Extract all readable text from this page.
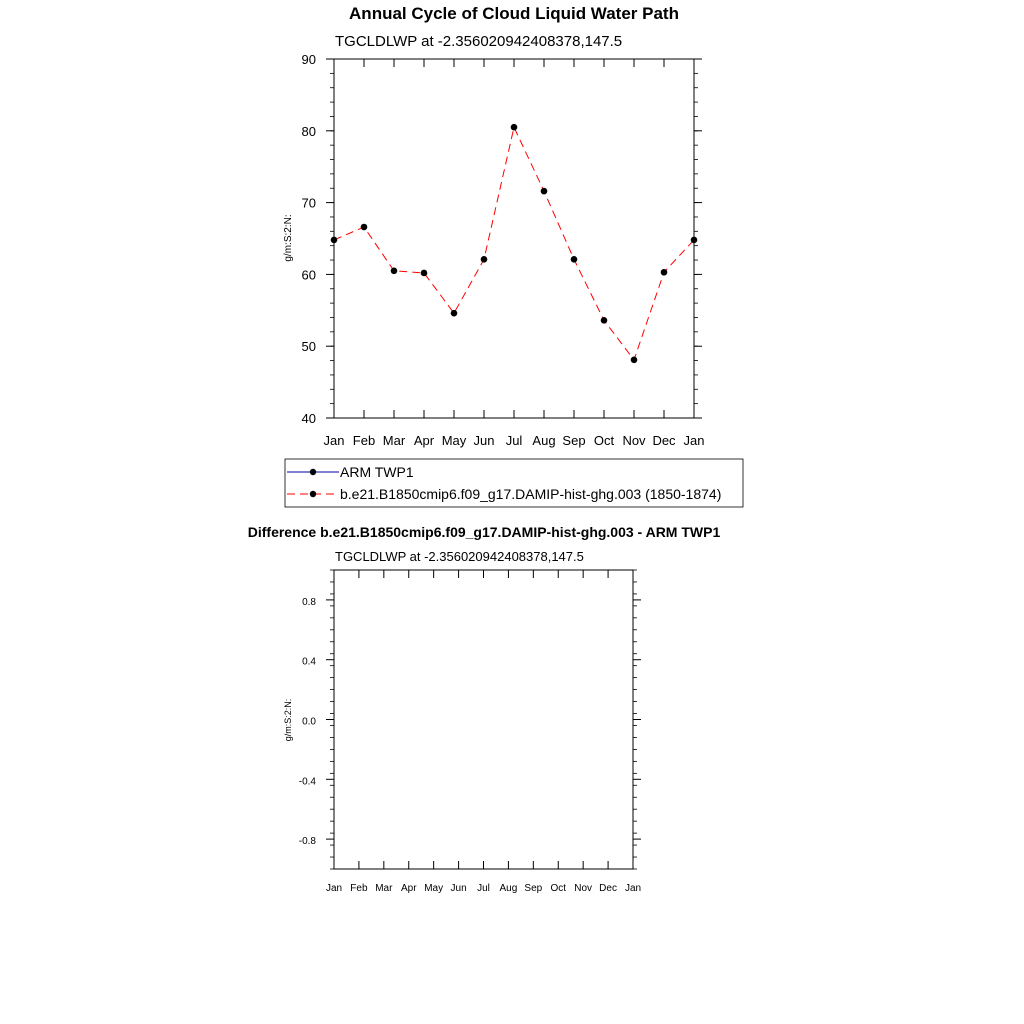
Annual Cycle of Cloud Liquid Water Path
TGCLDLWP at -2.356020942408378,147.5
g/m:S:2:N:
Jan Feb Mar Apr May Jun Jul Aug Sep Oct Nov Dec Jan
90
80
70
60
50
40
ARM TWP1
b.e21.B1850cmip6.f09_g17.DAMIP-hist-ghg.003 (1850-1874)
Difference b.e21.B1850cmip6.f09_g17.DAMIP-hist-ghg.003 - ARM TWP1
TGCLDLWP at -2.356020942408378,147.5
g/m:S:2:N:
Jan Feb Mar Apr May Jun Jul Aug Sep Oct Nov Dec Jan
0.8
0.4
0.0
-0.4
-0.8
